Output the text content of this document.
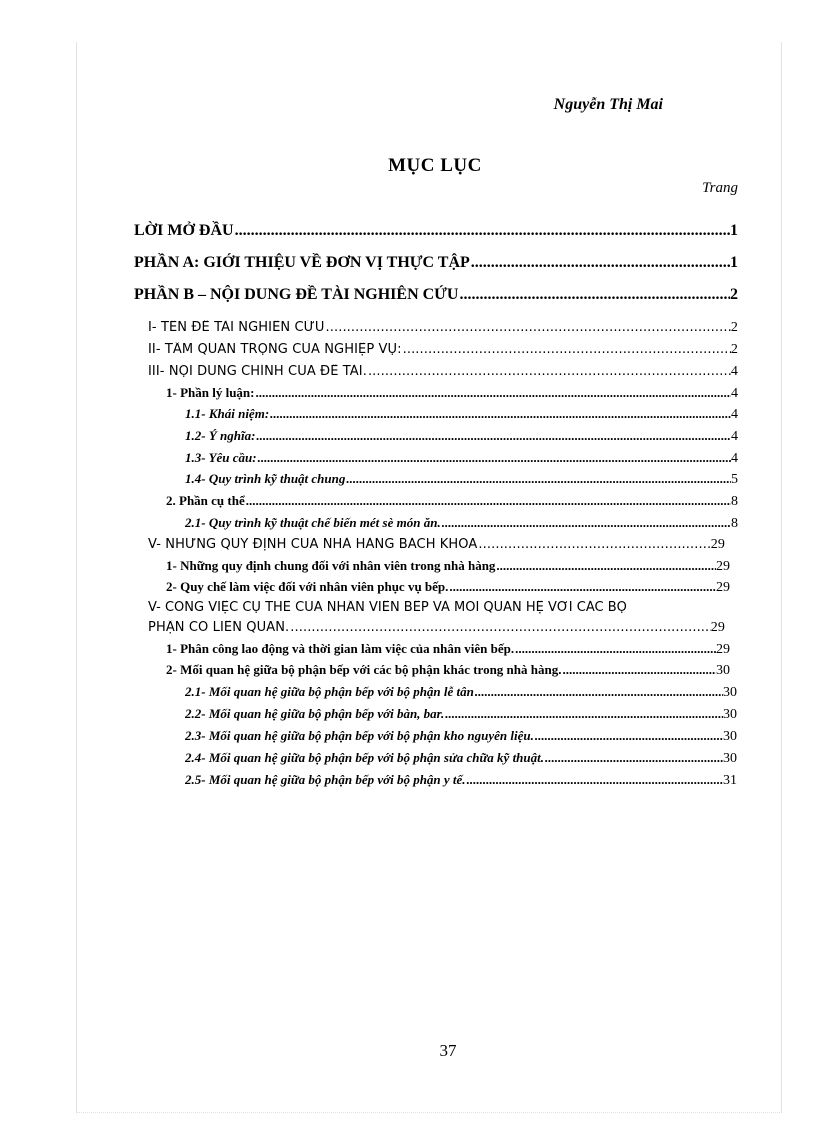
Nguyễn Thị Mai
MỤC LỤC
Trang
LỜI MỞ ĐẦU .....	1
PHẦN A: GIỚI THIỆU VỀ ĐƠN VỊ THỰC TẬP .....	1
PHẦN B – NỘI DUNG ĐỀ TÀI NGHIÊN CỨU .....	2
I- TÊN ĐỀ TÀI NGHIÊN CỨU .....	2
II- TẦM QUAN TRỌNG CỦA NGHIỆP VỤ: .....	2
III- NỘI DUNG CHÍNH CỦA ĐỀ TÀI. .....	4
1- Phần lý luận: .....	4
1.1- Khái niệm: .....	4
1.2- Ý nghĩa: .....	4
1.3- Yêu cầu: .....	4
1.4- Quy trình kỹ thuật chung .....	5
2. Phần cụ thể .....	8
2.1- Quy trình kỹ thuật chế biến mét sè món ăn. .....	8
V- NHỮNG QUY ĐỊNH CỦA NHÀ HÀNG BÁCH KHOA .....	29
1- Những quy định chung đối với nhân viên trong nhà hàng .....	29
2- Quy chế làm việc đối với nhân viên phục vụ bếp. .....	29
V- CÔNG VIỆC CỤ THỂ CỦA NHÂN VIÊN BẾP VÀ MỐI QUAN HỆ VỚI CÁC BỘ
PHẬN CÓ LIÊN QUAN. .....	29
1- Phân công lao động và thời gian làm việc của nhân viên bếp. .....	29
2- Mối quan hệ giữa bộ phận bếp với các bộ phận khác trong nhà hàng. .....	30
2.1- Mối quan hệ giữa bộ phận bếp với bộ phận lễ tân .....	30
2.2- Mối quan hệ giữa bộ phận bếp với bàn, bar. .....	30
2.3- Mối quan hệ giữa bộ phận bếp với bộ phận kho nguyên liệu. .....	30
2.4- Mối quan hệ giữa bộ phận bếp với bộ phận sửa chữa kỹ thuật. .....	30
2.5- Mối quan hệ giữa bộ phận bếp với bộ phận y tế. .....	31
37
